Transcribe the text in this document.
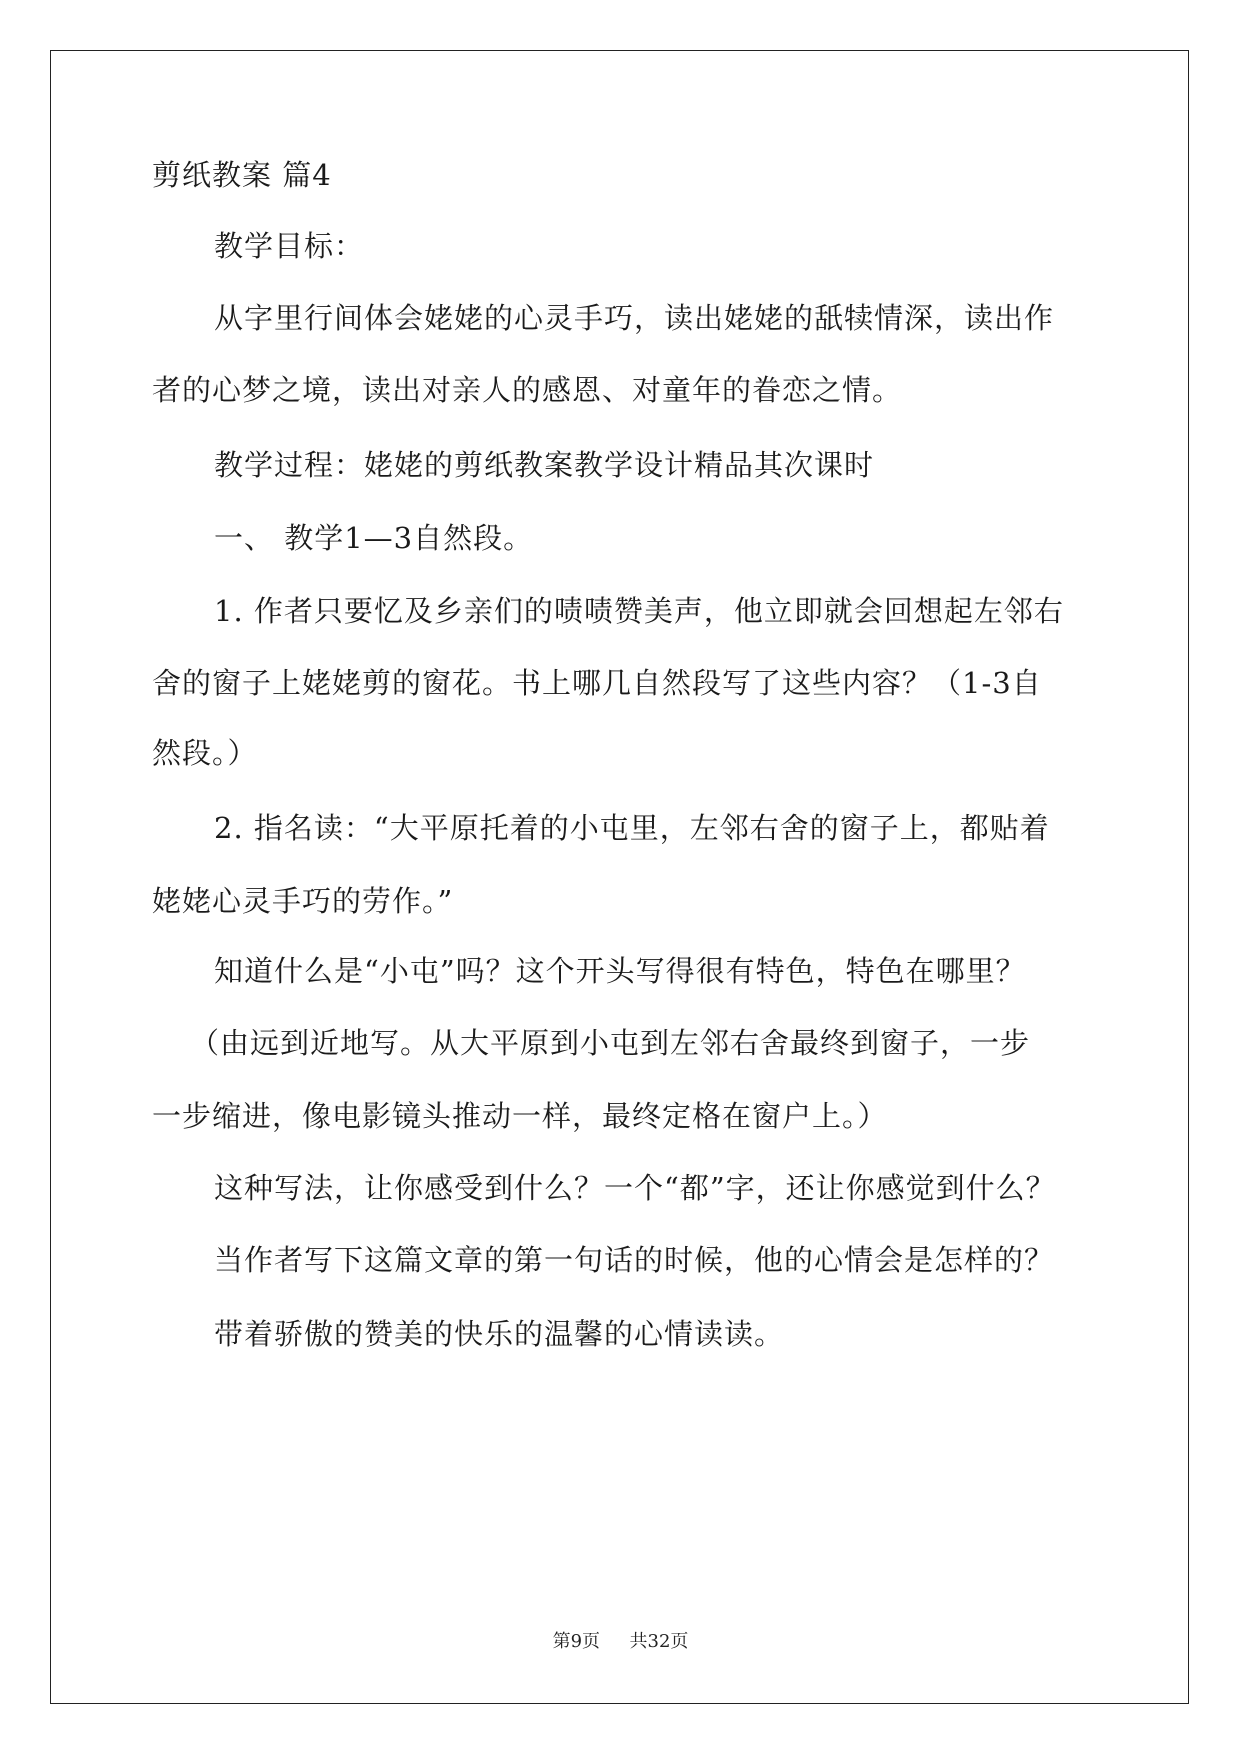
剪纸教案 篇4
教学目标：
从字里行间体会姥姥的心灵手巧，读出姥姥的舐犊情深，读出作
者的心梦之境，读出对亲人的感恩、对童年的眷恋之情。
教学过程：姥姥的剪纸教案教学设计精品其次课时
一、 教学1—3自然段。
1. 作者只要忆及乡亲们的啧啧赞美声，他立即就会回想起左邻右
舍的窗子上姥姥剪的窗花。书上哪几自然段写了这些内容？（1-3自
然段。）
2. 指名读：“大平原托着的小屯里，左邻右舍的窗子上，都贴着
姥姥心灵手巧的劳作。”
知道什么是“小屯”吗？这个开头写得很有特色，特色在哪里？
（由远到近地写。从大平原到小屯到左邻右舍最终到窗子，一步
一步缩进，像电影镜头推动一样，最终定格在窗户上。）
这种写法，让你感受到什么？一个“都”字，还让你感觉到什么？
当作者写下这篇文章的第一句话的时候，他的心情会是怎样的？
带着骄傲的赞美的快乐的温馨的心情读读。
第9页 共32页
